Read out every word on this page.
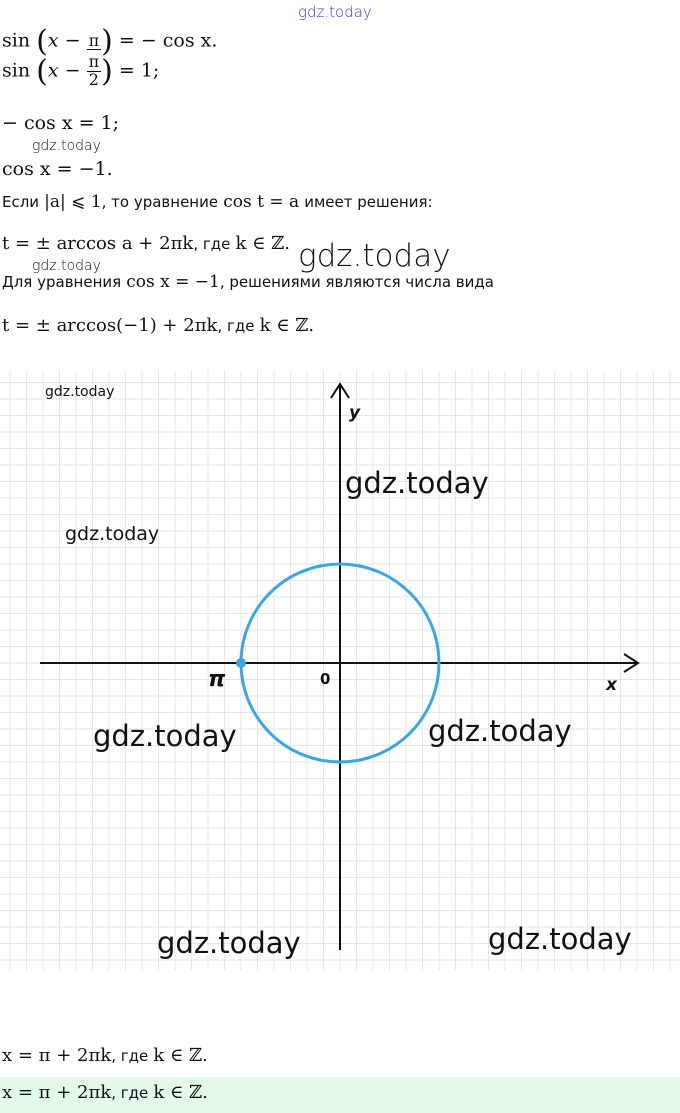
gdz.today
sin (x − π ) = − cos x.
$\sin (x - \frac{\pi}{2}$ ) = 1;
− cos x = 1;
gdz.today
cos x = −1.
Если |a| ⩽ 1, то уравнение cos t = a имеет решения:
t = ± arccos a + 2πk, где k ∈ ℤ. gdz.today
gdz.today
Для уравнения cos x = −1, решениями являются числа вида
t = ± arccos(−1) + 2πk, где k ∈ ℤ.
π	0	x
y
gdz.today
gdz.today
gdz.today
gdz.today	gdz.today
gdz.today	gdz.today
x = π + 2πk, где k ∈ ℤ.
x = π + 2πk, где k ∈ ℤ.
